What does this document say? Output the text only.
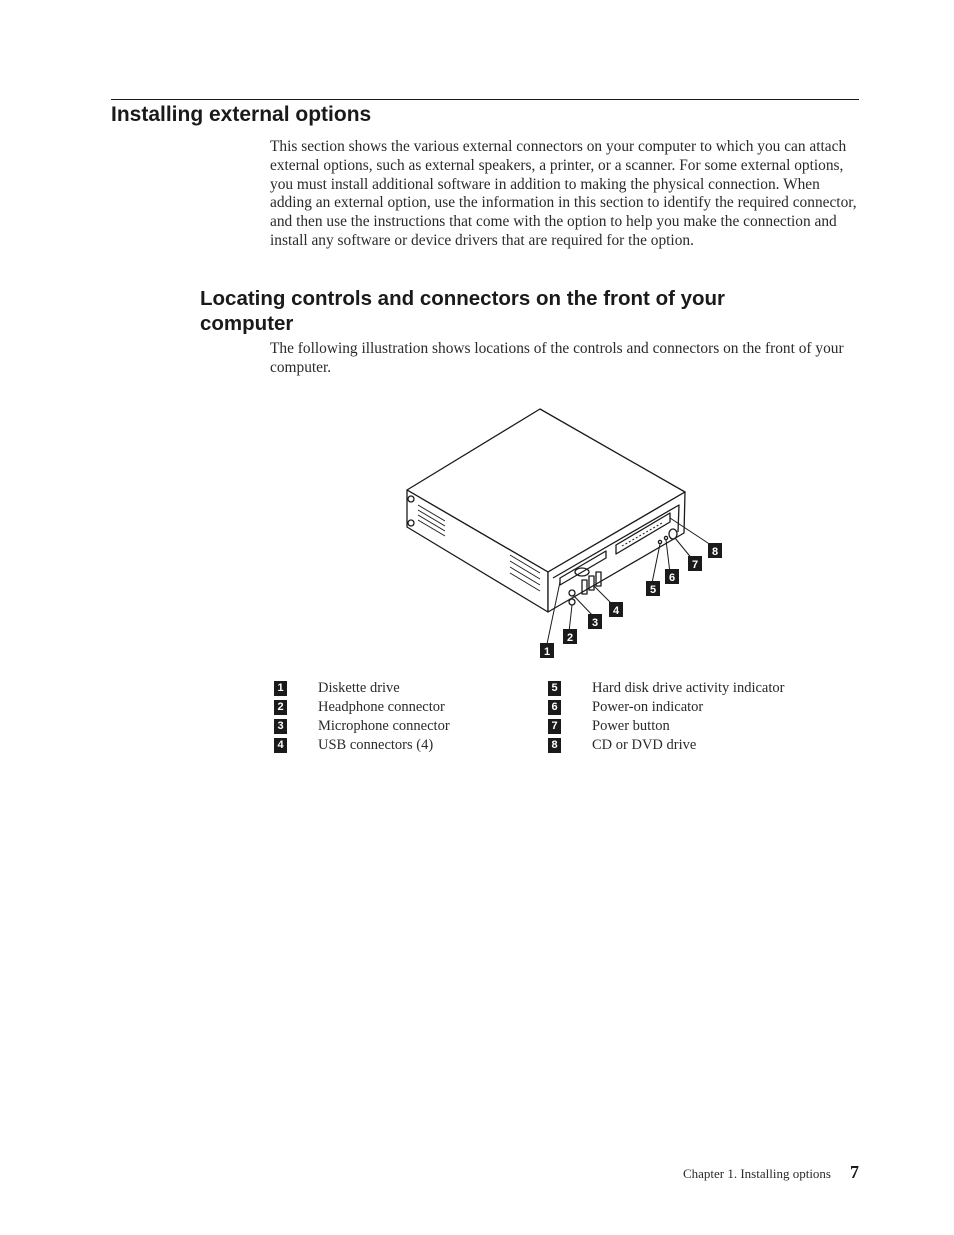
Installing external options

This section shows the various external connectors on your computer to which you can attach external options, such as external speakers, a printer, or a scanner. For some external options, you must install additional software in addition to making the physical connection. When adding an external option, use the information in this section to identify the required connector, and then use the instructions that come with the option to help you make the connection and install any software or device drivers that are required for the option.

Locating controls and connectors on the front of your computer

The following illustration shows locations of the controls and connectors on the front of your computer.

1
2
3
4
5
6
7
8
1 Diskette drive
2 Headphone connector
3 Microphone connector
4 USB connectors (4)
5 Hard disk drive activity indicator
6 Power-on indicator
7 Power button
8 CD or DVD drive
Chapter 1. Installing options 7
